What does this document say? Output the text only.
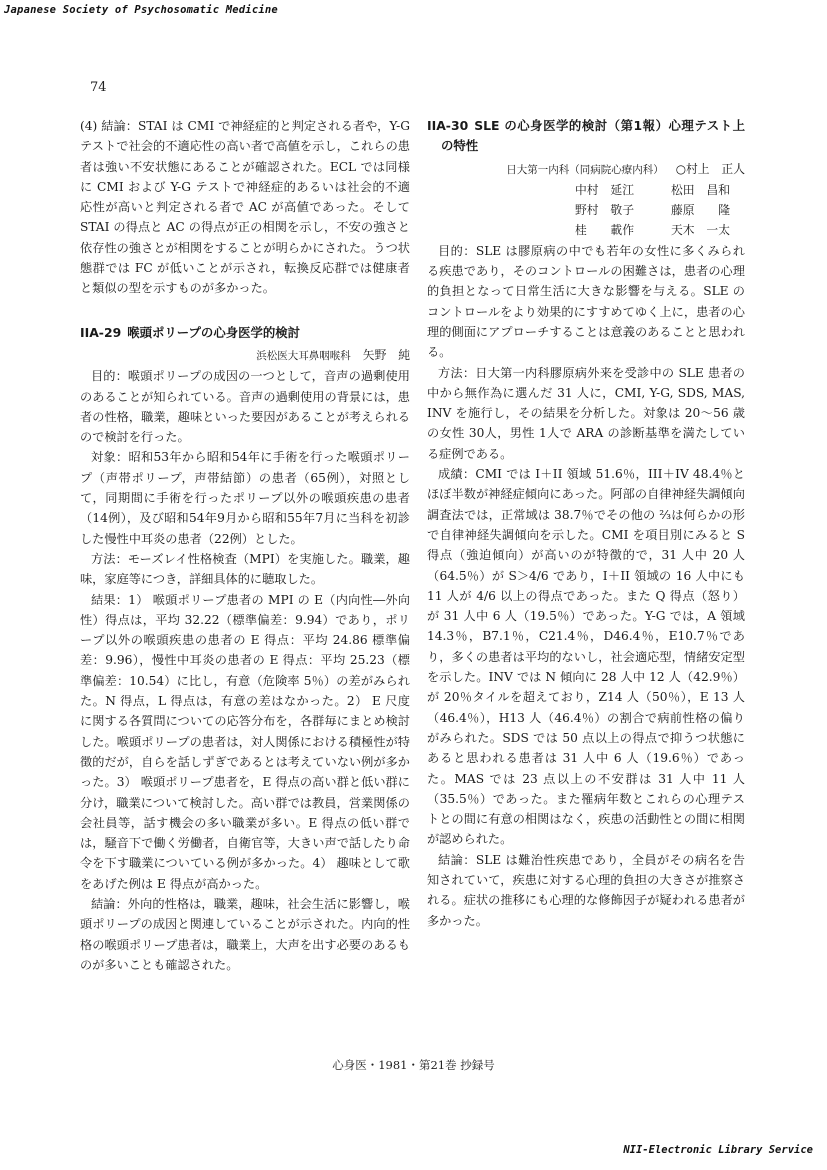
Japanese Society of Psychosomatic Medicine
74

(4) 結論：STAI は CMI で神経症的と判定される者や，Y-G テストで社会的不適応性の高い者で高値を示し，これらの患者は強い不安状態にあることが確認された。ECL では同様に CMI および Y-G テストで神経症的あるいは社会的不適応性が高いと判定される者で AC が高値であった。そして STAI の得点と AC の得点が正の相関を示し，不安の強さと依存性の強さとが相関をすることが明らかにされた。うつ状態群では FC が低いことが示され，転換反応群では健康者と類似の型を示すものが多かった。

IIA-29 喉頭ポリープの心身医学的検討

浜松医大耳鼻咽喉科 矢野　純

目的：喉頭ポリープの成因の一つとして，音声の過剰使用のあることが知られている。音声の過剰使用の背景には，患者の性格，職業，趣味といった要因があることが考えられるので検討を行った。

対象：昭和53年から昭和54年に手術を行った喉頭ポリープ（声帯ポリープ，声帯結節）の患者（65例），対照として，同期間に手術を行ったポリープ以外の喉頭疾患の患者（14例），及び昭和54年9月から昭和55年7月に当科を初診した慢性中耳炎の患者（22例）とした。

方法：モーズレイ性格検査（MPI）を実施した。職業，趣味，家庭等につき，詳細具体的に聴取した。

結果：1） 喉頭ポリープ患者の MPI の E（内向性―外向性）得点は，平均 32.22（標準偏差：9.94）であり，ポリープ以外の喉頭疾患の患者の E 得点：平均 24.86 標準偏差：9.96），慢性中耳炎の患者の E 得点：平均 25.23（標準偏差：10.54）に比し，有意（危険率 5％）の差がみられた。N 得点，L 得点は，有意の差はなかった。2） E 尺度に関する各質問についての応答分布を，各群毎にまとめ検討した。喉頭ポリープの患者は，対人関係における積極性が特徴的だが，自らを話しずぎであるとは考えていない例が多かった。3） 喉頭ポリープ患者を，E 得点の高い群と低い群に分け，職業について検討した。高い群では教員，営業関係の会社員等，話す機会の多い職業が多い。E 得点の低い群では，騒音下で働く労働者，自衛官等，大きい声で話したり命令を下す職業についている例が多かった。4） 趣味として歌をあげた例は E 得点が高かった。

結論：外向的性格は，職業，趣味，社会生活に影響し，喉頭ポリープの成因と関連していることが示された。内向的性格の喉頭ポリープ患者は，職業上，大声を出す必要のあるものが多いことも確認された。

IIA-30 SLE の心身医学的検討（第1報）心理テスト上の特性

日大第一内科（同病院心療内科） ○村上　正人

中村　延江	松田　昌和
野村　敬子	藤原　　隆
桂　　載作	天木　一太

目的：SLE は膠原病の中でも若年の女性に多くみられる疾患であり，そのコントロールの困難さは，患者の心理的負担となって日常生活に大きな影響を与える。SLE のコントロールをより効果的にすすめてゆく上に，患者の心理的側面にアプローチすることは意義のあることと思われる。

方法：日大第一内科膠原病外来を受診中の SLE 患者の中から無作為に選んだ 31 人に，CMI, Y-G, SDS, MAS, INV を施行し，その結果を分析した。対象は 20～56 歳の女性 30人，男性 1人で ARA の診断基準を満たしている症例である。

成績：CMI では I＋II 領域 51.6％，III＋IV 48.4％とほぼ半数が神経症傾向にあった。阿部の自律神経失調傾向調査法では，正常域は 38.7％でその他の ⅔は何らかの形で自律神経失調傾向を示した。CMI を項目別にみると S 得点（強迫傾向）が高いのが特徴的で，31 人中 20 人（64.5％）が S＞4/6 であり，I＋II 領域の 16 人中にも 11 人が 4/6 以上の得点であった。また Q 得点（怒り）が 31 人中 6 人（19.5％）であった。Y-G では，A 領域 14.3％，B7.1％，C21.4％，D46.4％，E10.7％であり，多くの患者は平均的ないし，社会適応型，情緒安定型を示した。INV では N 傾向に 28 人中 12 人（42.9％）が 20％タイルを超えており，Z14 人（50％），E 13 人（46.4％），H13 人（46.4％）の割合で病前性格の偏りがみられた。SDS では 50 点以上の得点で抑うつ状態にあると思われる患者は 31 人中 6 人（19.6％）であった。MAS では 23 点以上の不安群は 31 人中 11 人（35.5％）であった。また罹病年数とこれらの心理テストとの間に有意の相関はなく，疾患の活動性との間に相関が認められた。

結論：SLE は難治性疾患であり，全員がその病名を告知されていて，疾患に対する心理的負担の大きさが推察される。症状の推移にも心理的な修飾因子が疑われる患者が多かった。

心身医・1981・第21巻 抄録号
NII-Electronic Library Service
